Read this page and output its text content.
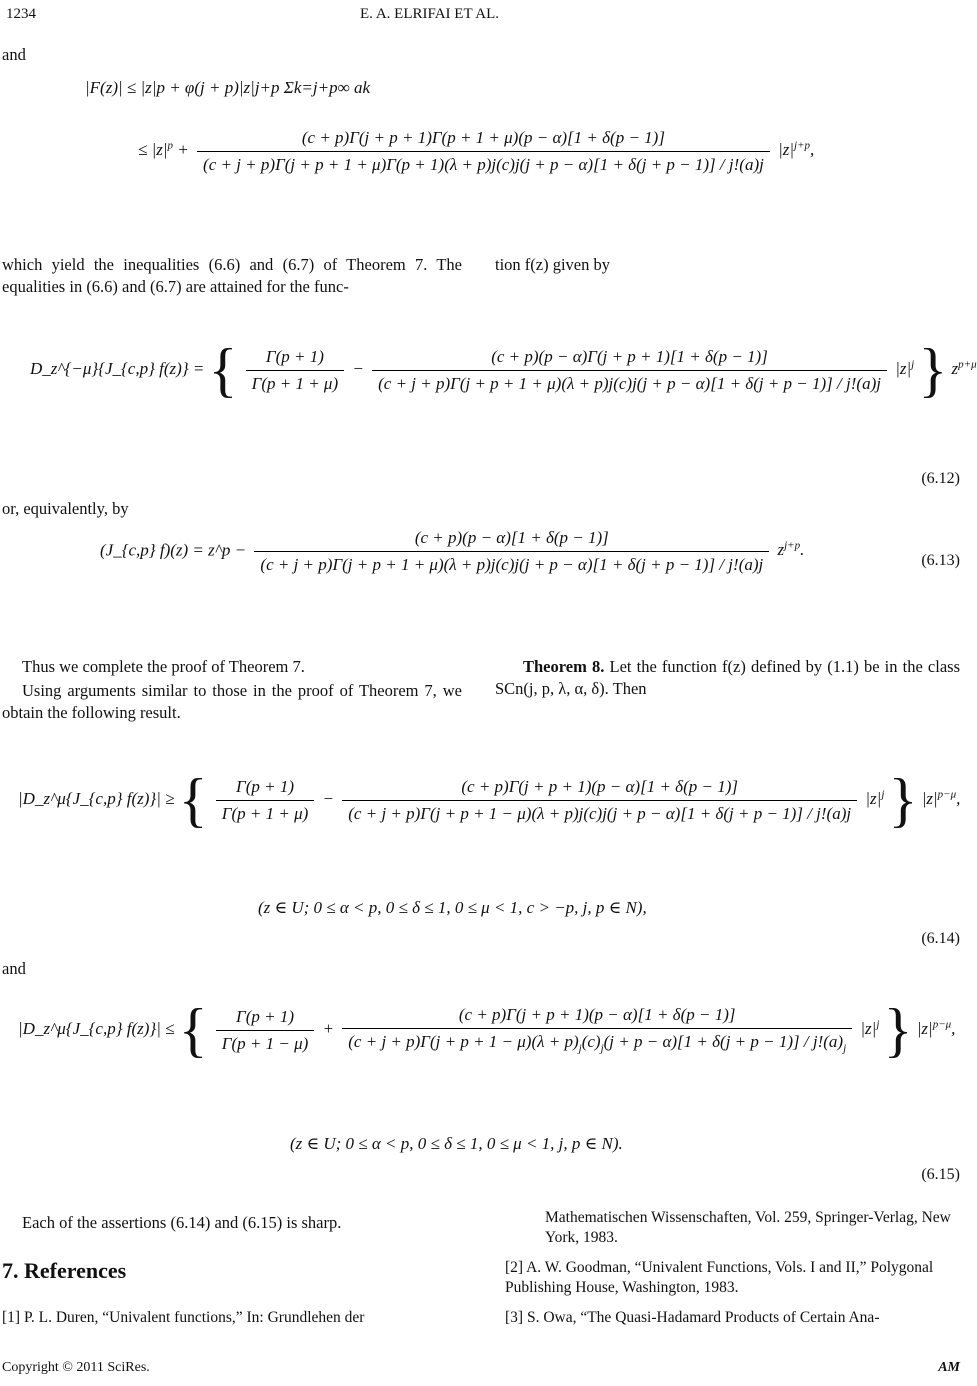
1234	E. A. ELRIFAI ET AL.
and
|F(z)| ≤ |z|p + φ(j + p)|z|j+p Σk=j+p∞ ak
≤ $|z|^p$ +
(c + p)Γ(j + p + 1)Γ(p + 1 + μ)(p − α)[1 + δ(p − 1)]
(c + j + p)Γ(j + p + 1 + μ)Γ(p + 1)(λ + p)j(c)j(j + p − α)[1 + δ(j + p − 1)] / j!(a)j
$|z|^{j+p}$,
which yield the inequalities (6.6) and (6.7) of Theorem 7. The equalities in (6.6) and (6.7) are attained for the func-
tion f(z) given by
D_z^{−μ}{J_{c,p} f(z)} = { $\frac{\Gamma(p + 1)}{\Gamma(p + 1 + \mu)}$ −
(c + p)(p − α)Γ(j + p + 1)[1 + δ(p − 1)]
(c + j + p)Γ(j + p + 1 + μ)(λ + p)j(c)j(j + p − α)[1 + δ(j + p − 1)] / j!(a)j
$|z|^j$ } $z^{p+\mu}$
(6.12)
or, equivalently, by
(J_{c,p} f)(z) = z^p −
(c + p)(p − α)[1 + δ(p − 1)]
(c + j + p)Γ(j + p + 1 + μ)(λ + p)j(c)j(j + p − α)[1 + δ(j + p − 1)] / j!(a)j
$z^{j+p}$.
(6.13)
Thus we complete the proof of Theorem 7.
Using arguments similar to those in the proof of Theorem 7, we obtain the following result.
Theorem 8. Let the function f(z) defined by (1.1) be in the class SCn(j, p, λ, α, δ). Then
|D_z^μ{J_{c,p} f(z)}| ≥ { $\frac{\Gamma(p + 1)}{\Gamma(p + 1 + \mu)}$ −
(c + p)Γ(j + p + 1)(p − α)[1 + δ(p − 1)]
(c + j + p)Γ(j + p + 1 − μ)(λ + p)j(c)j(j + p − α)[1 + δ(j + p − 1)] / j!(a)j
$|z|^j$ } $|z|^{p-\mu}$,
(z ∈ U; 0 ≤ α < p, 0 ≤ δ ≤ 1, 0 ≤ μ < 1, c > −p, j, p ∈ N),
(6.14)
and
|D_z^μ{J_{c,p} f(z)}| ≤ { $\frac{\Gamma(p + 1)}{\Gamma(p + 1 - \mu)}$ +
(c + p)Γ(j + p + 1)(p − α)[1 + δ(p − 1)]
$(c + j + p)\Gamma(j + p + 1 - \mu)(\lambda + p)_j(c)_j(j + p - \alpha)[1 + \delta(j + p - 1)] / j!(a)_j$
$|z|^j$ } $|z|^{p-\mu}$,
(z ∈ U; 0 ≤ α < p, 0 ≤ δ ≤ 1, 0 ≤ μ < 1, j, p ∈ N).
(6.15)
Each of the assertions (6.14) and (6.15) is sharp.
7. References
[1] P. L. Duren, “Univalent functions,” In: Grundlehen der
Mathematischen Wissenschaften, Vol. 259, Springer-Verlag, New York, 1983.
[2] A. W. Goodman, “Univalent Functions, Vols. I and II,” Polygonal Publishing House, Washington, 1983.
[3] S. Owa, “The Quasi-Hadamard Products of Certain Ana-
Copyright © 2011 SciRes.	AM
